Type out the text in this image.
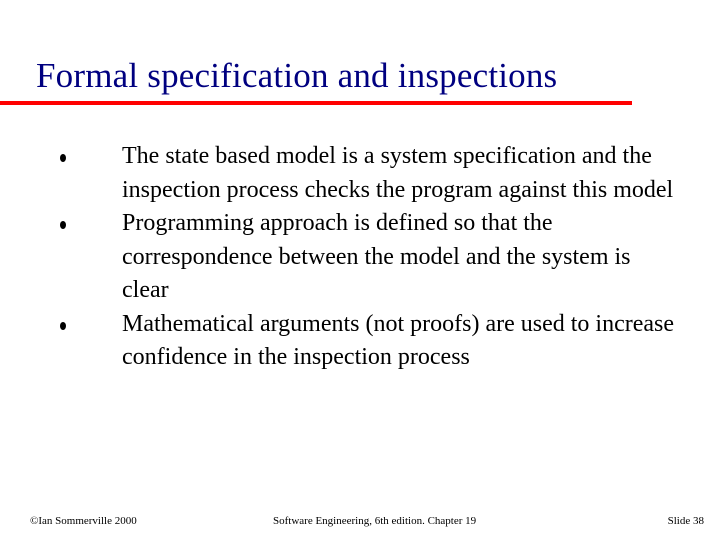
Formal specification and inspections
The state based model is a system specification and the inspection process checks the program against this model
Programming approach is defined so that the correspondence between the model and the system is clear
Mathematical arguments (not proofs) are used to increase confidence in the inspection process
©Ian Sommerville 2000	Software Engineering, 6th edition. Chapter 19	Slide 38
